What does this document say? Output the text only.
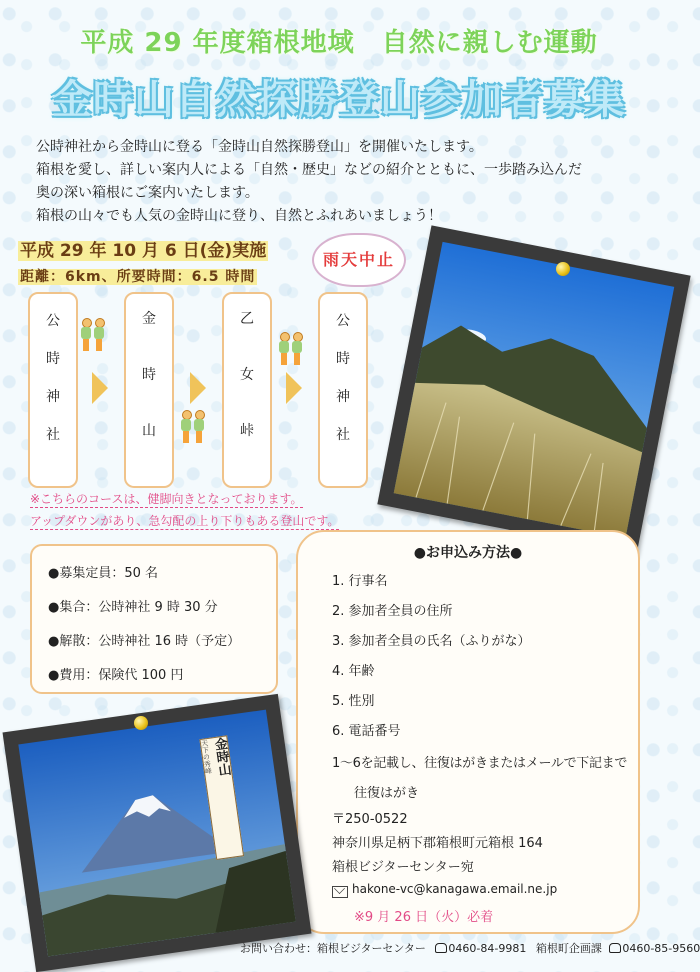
平成 29 年度箱根地域　自然に親しむ運動
金時山自然探勝登山参加者募集
公時神社から金時山に登る「金時山自然探勝登山」を開催いたします。
箱根を愛し、詳しい案内人による「自然・歴史」などの紹介とともに、一歩踏み込んだ
奥の深い箱根にご案内いたします。
箱根の山々でも人気の金時山に登り、自然とふれあいましょう！
平成 29 年 10 月 6 日(金)実施
距離：6km、所要時間：6.5 時間
雨天中止
公
時
神
社
金
時
山
乙
女
峠
公
時
神
社
※こちらのコースは、健脚向きとなっております。
アップダウンがあり、急勾配の上り下りもある登山です。
●募集定員：50 名
●集合：公時神社 9 時 30 分
●解散：公時神社 16 時（予定）
●費用：保険代 100 円
●お申込み方法●
1. 行事名
2. 参加者全員の住所
3. 参加者全員の氏名（ふりがな）
4. 年齢
5. 性別
6. 電話番号
1～6を記載し、往復はがきまたはメールで下記まで
往復はがき
〒250-0522
神奈川県足柄下郡箱根町元箱根 164
箱根ビジターセンター宛
hakone-vc@kanagawa.email.ne.jp
※9 月 26 日（火）必着
金時山
天下の秀峰
お問い合わせ：箱根ビジターセンター 0460-84-9981 箱根町企画課 0460-85-9560
